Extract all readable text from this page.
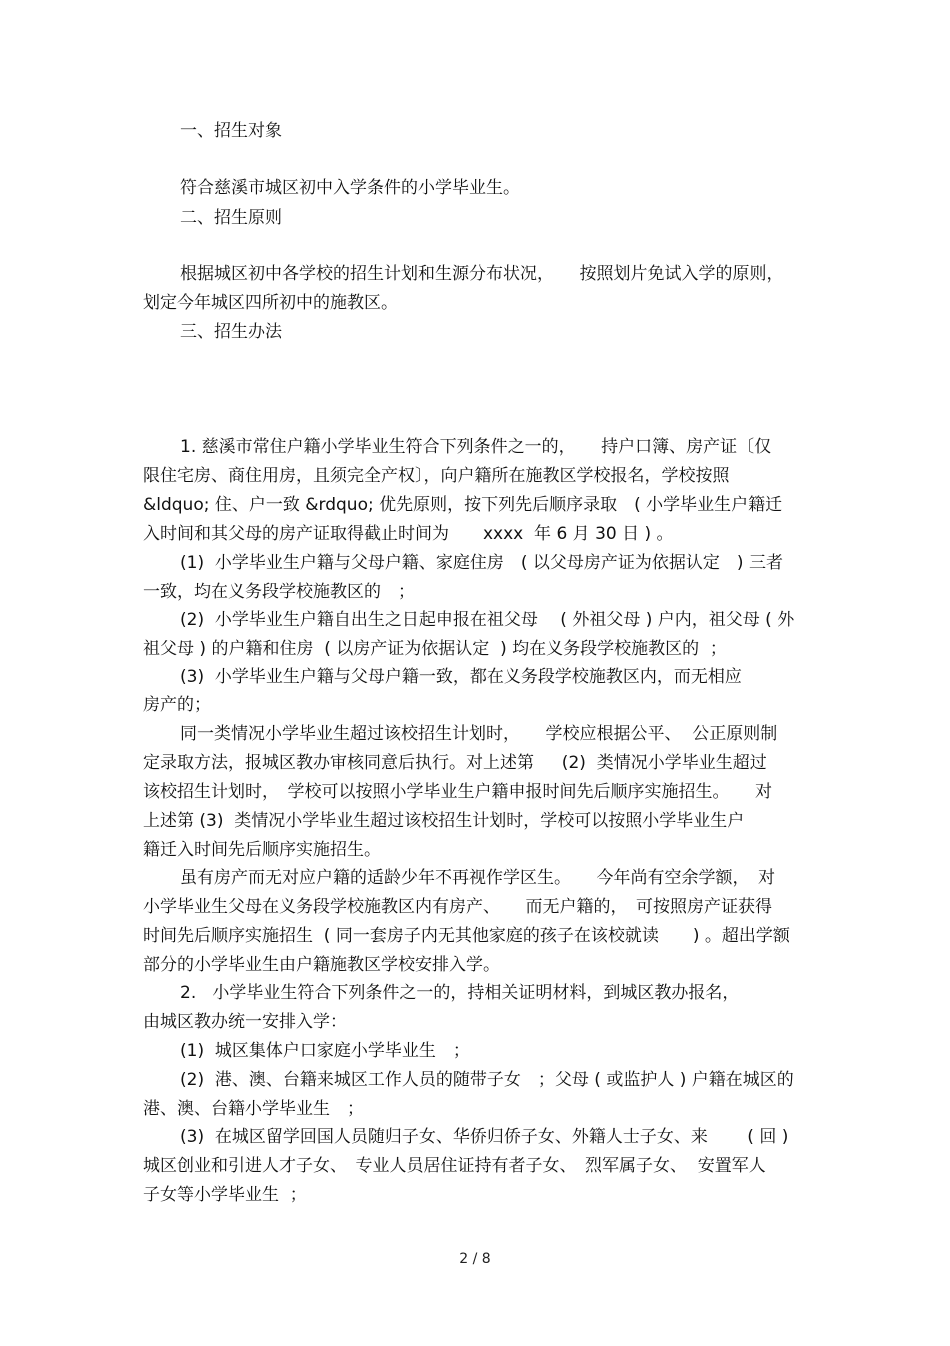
一、招生对象
符合慈溪市城区初中入学条件的小学毕业生。
二、招生原则
根据城区初中各学校的招生计划和生源分布状况，　　按照划片免试入学的原则，
划定今年城区四所初中的施教区。
三、招生办法
1. 慈溪市常住户籍小学毕业生符合下列条件之一的，　　持户口簿、房产证〔仅
限住宅房、商住用房，且须完全产权〕，向户籍所在施教区学校报名，学校按照
&ldquo; 住、户一致 &rdquo; 优先原则，按下列先后顺序录取　( 小学毕业生户籍迁
入时间和其父母的房产证取得截止时间为　　xxxx  年 6 月 30 日 ) 。
(1)  小学毕业生户籍与父母户籍、家庭住房　( 以父母房产证为依据认定　) 三者
一致，均在义务段学校施教区的　；
(2)  小学毕业生户籍自出生之日起申报在祖父母　 ( 外祖父母 ) 户内，祖父母 ( 外
祖父母 ) 的户籍和住房  ( 以房产证为依据认定  ) 均在义务段学校施教区的  ；
(3)  小学毕业生户籍与父母户籍一致，都在义务段学校施教区内，而无相应
房产的；
同一类情况小学毕业生超过该校招生计划时，　　学校应根据公平、  公正原则制
定录取方法，报城区教办审核同意后执行。对上述第　  (2)  类情况小学毕业生超过
该校招生计划时，　学校可以按照小学毕业生户籍申报时间先后顺序实施招生。　　对
上述第 (3)  类情况小学毕业生超过该校招生计划时，学校可以按照小学毕业生户
籍迁入时间先后顺序实施招生。
虽有房产而无对应户籍的适龄少年不再视作学区生。　　今年尚有空余学额，　对
小学毕业生父母在义务段学校施教区内有房产、　　而无户籍的，　可按照房产证获得
时间先后顺序实施招生  ( 同一套房子内无其他家庭的孩子在该校就读　　) 。超出学额
部分的小学毕业生由户籍施教区学校安排入学。
2.   小学毕业生符合下列条件之一的，持相关证明材料，到城区教办报名，
由城区教办统一安排入学：
(1)  城区集体户口家庭小学毕业生　；
(2)  港、澳、台籍来城区工作人员的随带子女　；父母 ( 或监护人 ) 户籍在城区的
港、澳、台籍小学毕业生　；
(3)  在城区留学回国人员随归子女、华侨归侨子女、外籍人士子女、来　　 ( 回 )
城区创业和引进人才子女、　专业人员居住证持有者子女、　烈军属子女、  安置军人
子女等小学毕业生  ；
2 / 8
